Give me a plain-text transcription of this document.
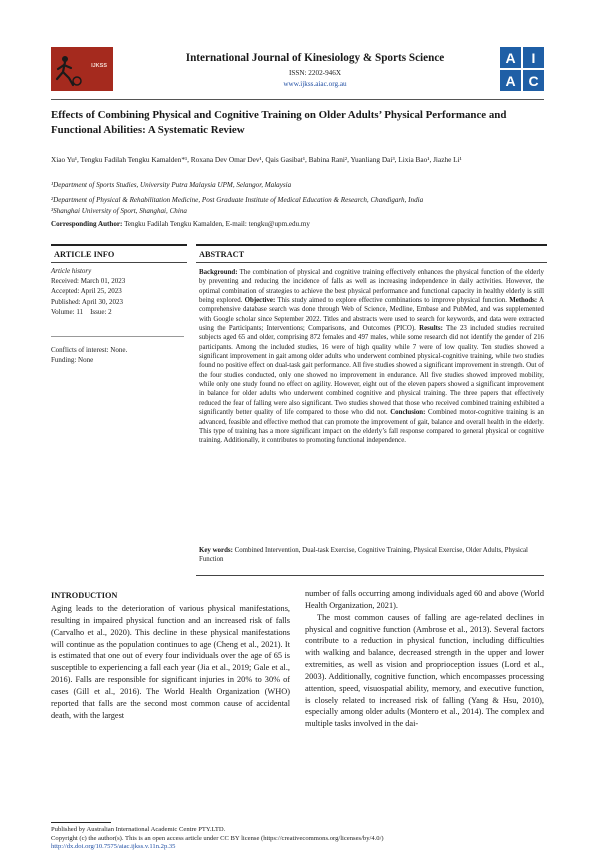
IJKSS
International Journal of Kinesiology & Sports Science
ISSN: 2202-946X
www.ijkss.aiac.org.au
A	I
A C
Effects of Combining Physical and Cognitive Training on Older Adults’ Physical Performance and Functional Abilities: A Systematic Review
Xiao Yu¹, Tengku Fadilah Tengku Kamalden*¹, Roxana Dev Omar Dev¹, Qais Gasibat¹, Babina Rani², Yuanliang Dai³, Lixia Bao¹, Jiazhe Li¹
¹Department of Sports Studies, University Putra Malaysia UPM, Selangor, Malaysia
²Department of Physical & Rehabilitation Medicine, Post Graduate Institute of Medical Education & Research, Chandigarh, India
³Shanghai University of Sport, Shanghai, China
Corresponding Author: Tengku Fadilah Tengku Kamalden, E-mail: tengku@upm.edu.my
ARTICLE INFO	ABSTRACT
Article history
Received: March 01, 2023
Accepted: April 25, 2023
Published: April 30, 2023
Volume: 11    Issue: 2
Conflicts of interest: None.
Funding: None
Background: The combination of physical and cognitive training effectively enhances the physical function of the elderly by preventing and reducing the incidence of falls as well as increasing independence in daily activities. However, the optimal combination of strategies to achieve the best physical performance and functional capacity in healthy elderly is still being explored. Objective: This study aimed to explore effective combinations to improve physical function. Methods: A comprehensive database search was done through Web of Science, Medline, Embase and PubMed, and was supplemented with Google scholar since September 2022. Titles and abstracts were used to search for keywords, and data were extracted using the Participants; Interventions; Comparisons, and Outcomes (PICO). Results: The 23 included studies recruited subjects aged 65 and older, comprising 872 females and 497 males, while some research did not identify the gender of 216 participants. Among the included studies, 16 were of high quality while 7 were of low quality. Ten studies showed a significant improvement in gait among older adults who underwent combined physical-cognitive training, while two studies found no positive effect on dual-task gait performance. All five studies showed a significant improvement in strength. Out of the four studies conducted, only one showed no improvement in endurance. All five studies showed improved mobility, while only one study found no effect on agility. However, eight out of the eleven papers showed a significant improvement in balance for older adults who underwent combined cognitive and physical training. The three papers that effectively reduced the fear of falling were also significant. Two studies showed that those who received combined training exhibited a significantly better quality of life compared to those who did not. Conclusion: Combined motor-cognitive training is an advanced, feasible and effective method that can promote the improvement of gait, balance and overall health in the elderly. This type of training has a more significant impact on the elderly’s fall response compared to general physical or cognitive training. Additionally, it contributes to promoting functional independence.
Key words: Combined Intervention, Dual-task Exercise, Cognitive Training, Physical Exercise, Older Adults, Physical Function
INTRODUCTION
Aging leads to the deterioration of various physical manifestations, resulting in impaired physical function and an increased risk of falls (Carvalho et al., 2020). This decline in these physical manifestations will continue as the population continues to age (Cheng et al., 2021). It is estimated that one out of every four individuals over the age of 65 is susceptible to experiencing a fall each year (Jia et al., 2019; Gale et al., 2016). Falls are responsible for significant injuries in 20% to 30% of cases (Gill et al., 2016). The World Health Organization (WHO) reported that falls are the second most common cause of accidental death, with the largest
number of falls occurring among individuals aged 60 and above (World Health Organization, 2021).
The most common causes of falling are age-related declines in physical and cognitive function (Ambrose et al., 2013). Several factors contribute to a reduction in physical function, including difficulties with walking and balance, decreased strength in the upper and lower extremities, as well as vision and proprioception issues (Lord et al., 2003). Additionally, cognitive function, which encompasses processing attention, speed, visuospatial ability, memory, and executive function, is closely related to increased risk of falling (Yang & Hsu, 2010), especially among older adults (Montero et al., 2014). The complex and multiple tasks involved in the dai-
Published by Australian International Academic Centre PTY.LTD.
Copyright (c) the author(s). This is an open access article under CC BY license (https://creativecommons.org/licenses/by/4.0/)
http://dx.doi.org/10.7575/aiac.ijkss.v.11n.2p.35
